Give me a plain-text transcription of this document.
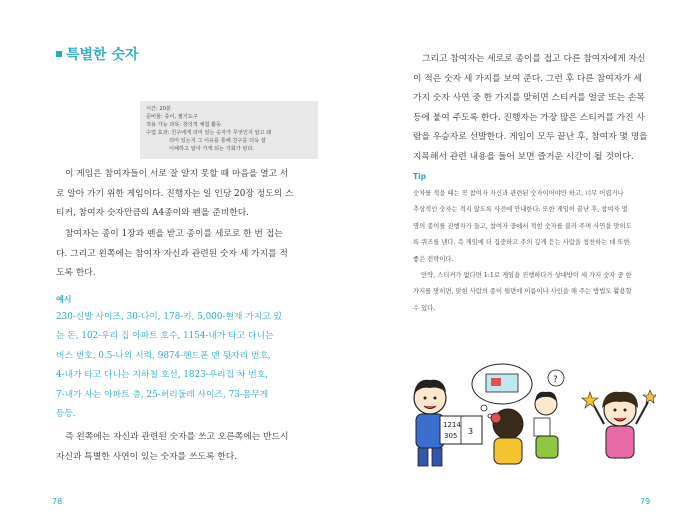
특별한 숫자
시간: 20분
준비물: 종이, 필기도구
적용 가능 과목: 창의적 체험 활동
수업 효과: 친구에게 의미 있는 숫자가 무엇인지 알고 왜
의미 있는지 그 이유를 통해 친구를 더욱 잘
이해하고 알아 가게 되는 기회가 된다.
이 게임은 참여자들이 서로 잘 알지 못할 때 마음을 열고 서
로 알아 가기 위한 게임이다. 진행자는 일 인당 20장 정도의 스
티커, 참여자 숫자만큼의 A4종이와 펜을 준비한다.
참여자는 종이 1장과 펜을 받고 종이를 세로로 한 번 접는
다. 그리고 왼쪽에는 참여자 자신과 관련된 숫자 세 가지를 적
도록 한다.
예시
230-신발 사이즈, 30-나이, 178-키, 5,000-현재 가지고 있
는 돈, 102-우리 집 아파트 호수, 1154-내가 타고 다니는
버스 번호, 0.5-나의 시력, 9874-핸드폰 맨 뒷자리 번호,
4-내가 타고 다니는 지하철 호선, 1823-우리집 차 번호,
7-내가 사는 아파트 층, 25-허리둘레 사이즈, 73-몸무게
등등.
즉 왼쪽에는 자신과 관련된 숫자를 쓰고 오른쪽에는 반드시
자신과 특별한 사연이 있는 숫자를 쓰도록 한다.
78
그리고 참여자는 세로로 종이를 접고 다른 참여자에게 자신
이 적은 숫자 세 가지를 보여 준다. 그런 후 다른 참여자가 세
가지 숫자 사연 중 한 가지를 맞히면 스티커를 얼굴 또는 손목
등에 붙여 주도록 한다. 진행자는 가장 많은 스티커를 가진 사
람을 우승자로 선발한다. 게임이 모두 끝난 후, 참여자 몇 명을
지목해서 관련 내용을 들어 보면 즐거운 시간이 될 것이다.
Tip
숫자를 적을 때는 꼭 참여자 자신과 관련된 숫자이어야만 하고, 너무 어렵거나
추상적인 숫자는 적지 않도록 사전에 안내한다. 또한 게임이 끝난 후, 참여자 몇
명의 종이를 진행자가 들고, 참여자 중에서 적힌 숫자를 불러 주며 사연을 맞히도
록 퀴즈를 낸다. 즉 게임에 더 집중하고 주의 깊게 듣는 사람을 칭찬하는 데 또한
좋은 전략이다.
만약, 스티커가 없다면 1:1로 게임을 진행하다가 상대방이 세 가지 숫자 중 한
가지를 맞히면, 맞힌 사람의 종이 뒷면에 이름이나 사인을 해 주는 방법도 활용할
수 있다.
1214
305 3
?
79
